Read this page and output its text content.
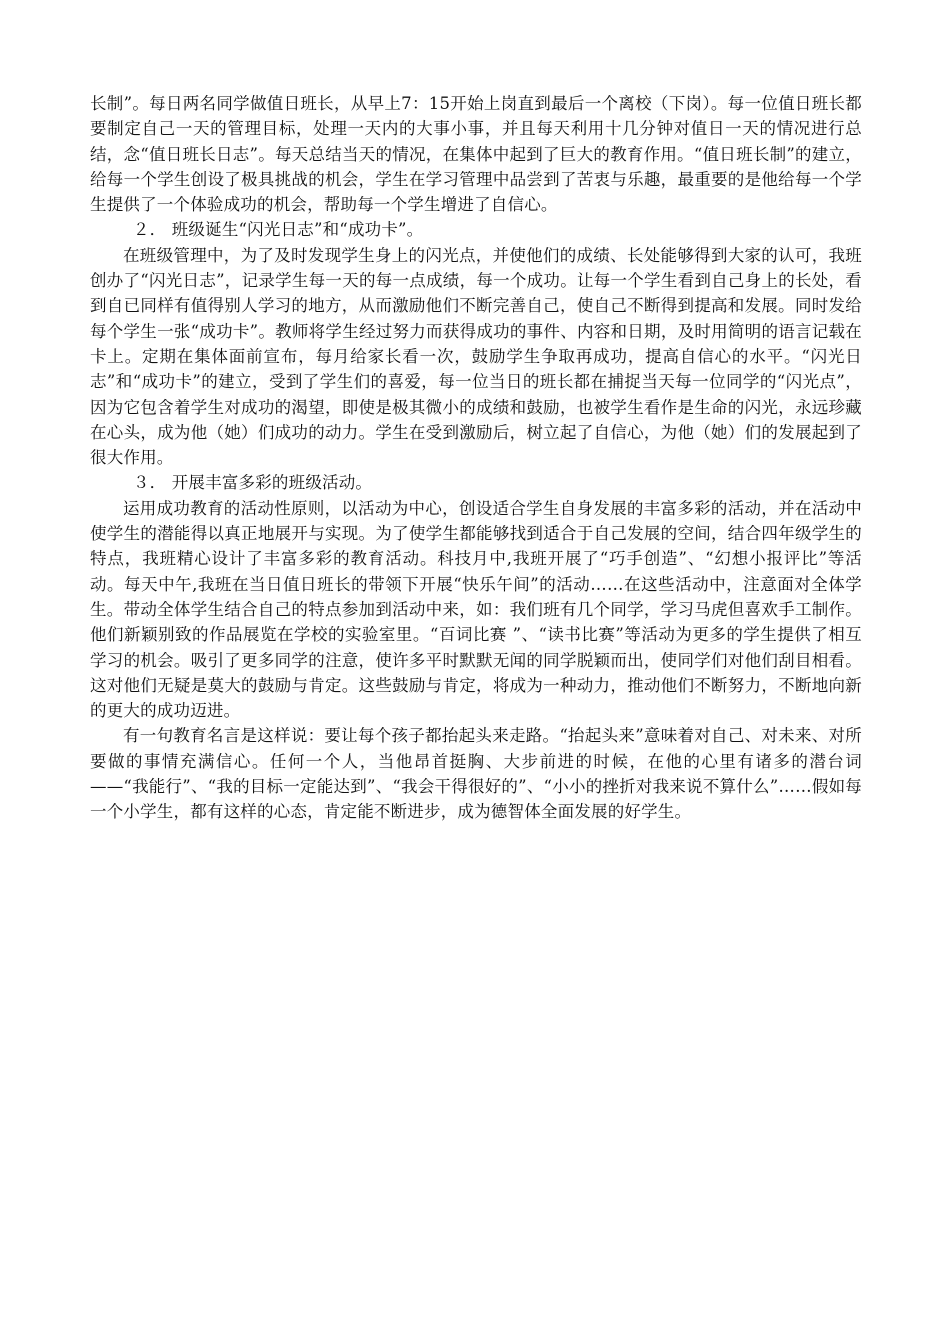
长制”。每日两名同学做值日班长，从早上7：15开始上岗直到最后一个离校（下岗）。每一位值日班长都要制定自己一天的管理目标，处理一天内的大事小事，并且每天利用十几分钟对值日一天的情况进行总结，念“值日班长日志”。每天总结当天的情况，在集体中起到了巨大的教育作用。“值日班长制”的建立，给每一个学生创设了极具挑战的机会，学生在学习管理中品尝到了苦衷与乐趣，最重要的是他给每一个学生提供了一个体验成功的机会，帮助每一个学生增进了自信心。

２． 班级诞生“闪光日志”和“成功卡”。

在班级管理中，为了及时发现学生身上的闪光点，并使他们的成绩、长处能够得到大家的认可，我班创办了“闪光日志”，记录学生每一天的每一点成绩，每一个成功。让每一个学生看到自己身上的长处，看到自已同样有值得别人学习的地方，从而激励他们不断完善自己，使自己不断得到提高和发展。同时发给每个学生一张“成功卡”。教师将学生经过努力而获得成功的事件、内容和日期，及时用简明的语言记载在卡上。定期在集体面前宣布，每月给家长看一次，鼓励学生争取再成功，提高自信心的水平。“闪光日志”和“成功卡”的建立，受到了学生们的喜爱，每一位当日的班长都在捕捉当天每一位同学的“闪光点”，因为它包含着学生对成功的渴望，即使是极其微小的成绩和鼓励，也被学生看作是生命的闪光，永远珍藏在心头，成为他（她）们成功的动力。学生在受到激励后，树立起了自信心，为他（她）们的发展起到了很大作用。

３． 开展丰富多彩的班级活动。

运用成功教育的活动性原则，以活动为中心，创设适合学生自身发展的丰富多彩的活动，并在活动中使学生的潜能得以真正地展开与实现。为了使学生都能够找到适合于自己发展的空间，结合四年级学生的特点，我班精心设计了丰富多彩的教育活动。科技月中,我班开展了“巧手创造”、“幻想小报评比”等活动。每天中午,我班在当日值日班长的带领下开展“快乐午间”的活动……在这些活动中，注意面对全体学生。带动全体学生结合自己的特点参加到活动中来，如：我们班有几个同学，学习马虎但喜欢手工制作。他们新颖别致的作品展览在学校的实验室里。“百词比赛 ”、“读书比赛”等活动为更多的学生提供了相互学习的机会。吸引了更多同学的注意，使许多平时默默无闻的同学脱颖而出，使同学们对他们刮目相看。这对他们无疑是莫大的鼓励与肯定。这些鼓励与肯定，将成为一种动力，推动他们不断努力，不断地向新的更大的成功迈进。

有一句教育名言是这样说：要让每个孩子都抬起头来走路。“抬起头来”意味着对自己、对未来、对所要做的事情充满信心。任何一个人，当他昂首挺胸、大步前进的时候，在他的心里有诸多的潜台词——“我能行”、“我的目标一定能达到”、“我会干得很好的”、“小小的挫折对我来说不算什么”……假如每一个小学生，都有这样的心态，肯定能不断进步，成为德智体全面发展的好学生。
